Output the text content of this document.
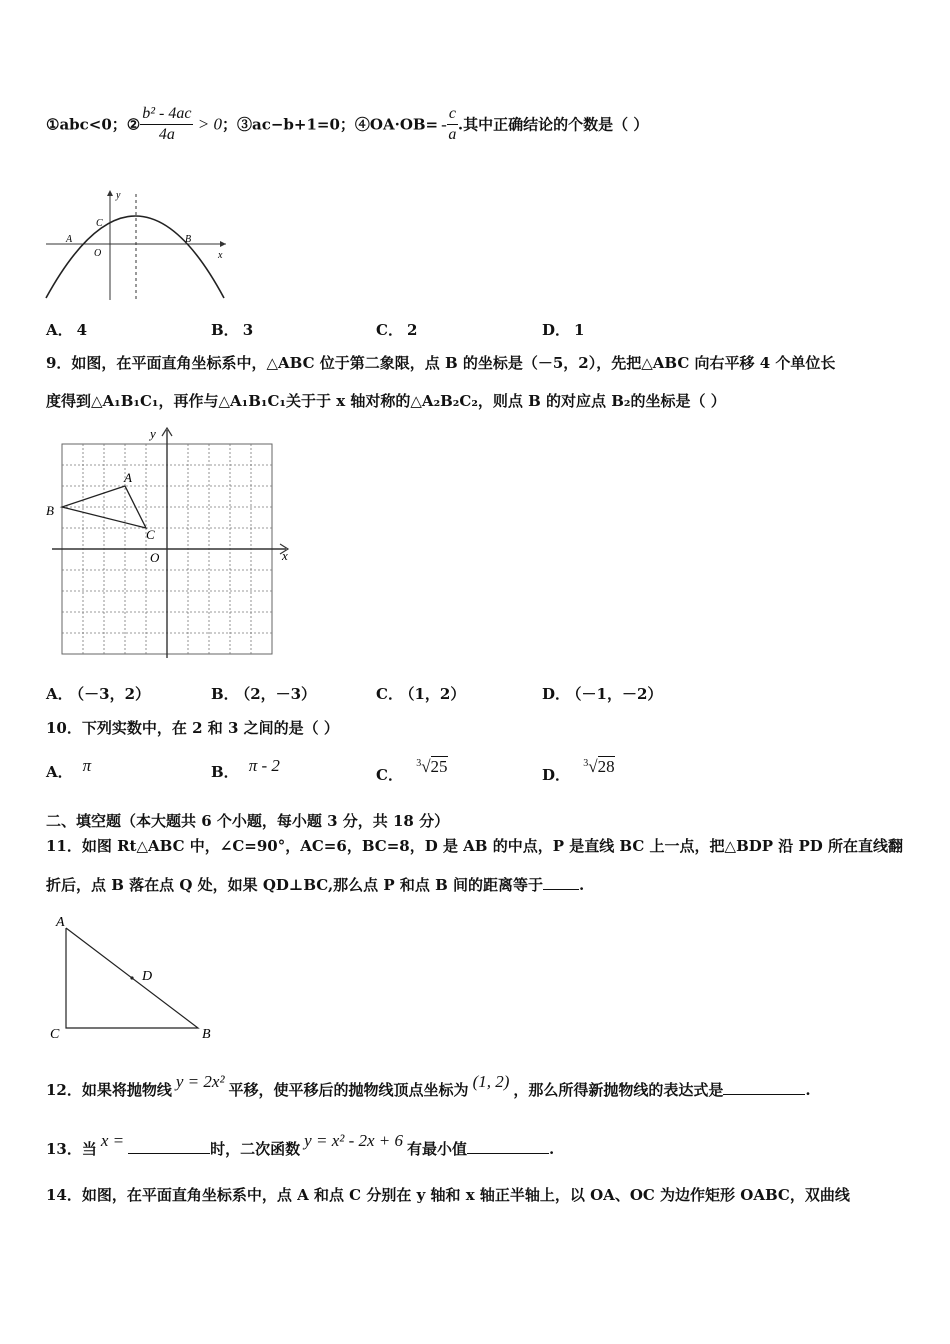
①abc<0；② $\frac{\text{b² - 4ac}}{4a} > 0$；③ac−b+1=0；④OA·OB= - $\frac{c}{a}$ .其中正确结论的个数是（ ）
y
x
A	B
C
O
A． 4	B． 3	C． 2	D． 1
9．如图，在平面直角坐标系中，△ABC 位于第二象限，点 B 的坐标是（－5，2），先把△ABC 向右平移 4 个单位长
度得到△A₁B₁C₁，再作与△A₁B₁C₁关于于 x 轴对称的△A₂B₂C₂，则点 B 的对应点 B₂的坐标是（ ）
y
x
A
B
C
O
A． （－3，2）	B． （2，－3）	C． （1，2）	D． （－1，－2）
10．下列实数中，在 2 和 3 之间的是（ ）
A． π	B． π - 2	C． $^3$√25	D． $^3$√28
二、填空题（本大题共 6 个小题，每小题 3 分，共 18 分）
11．如图 Rt△ABC 中，∠C=90°，AC=6，BC=8，D 是 AB 的中点，P 是直线 BC 上一点，把△BDP 沿 PD 所在直线翻
折后，点 B 落在点 Q 处，如果 QD⊥BC,那么点 P 和点 B 间的距离等于 .
A
C	B
D
12．如果将抛物线 y = 2x² 平移，使平移后的抛物线顶点坐标为 (1, 2) ，那么所得新抛物线的表达式是	.
13．当 x =	时，二次函数 y = x² - 2x + 6 有最小值	.
14．如图，在平面直角坐标系中，点 A 和点 C 分别在 y 轴和 x 轴正半轴上，以 OA、OC 为边作矩形 OABC，双曲线
